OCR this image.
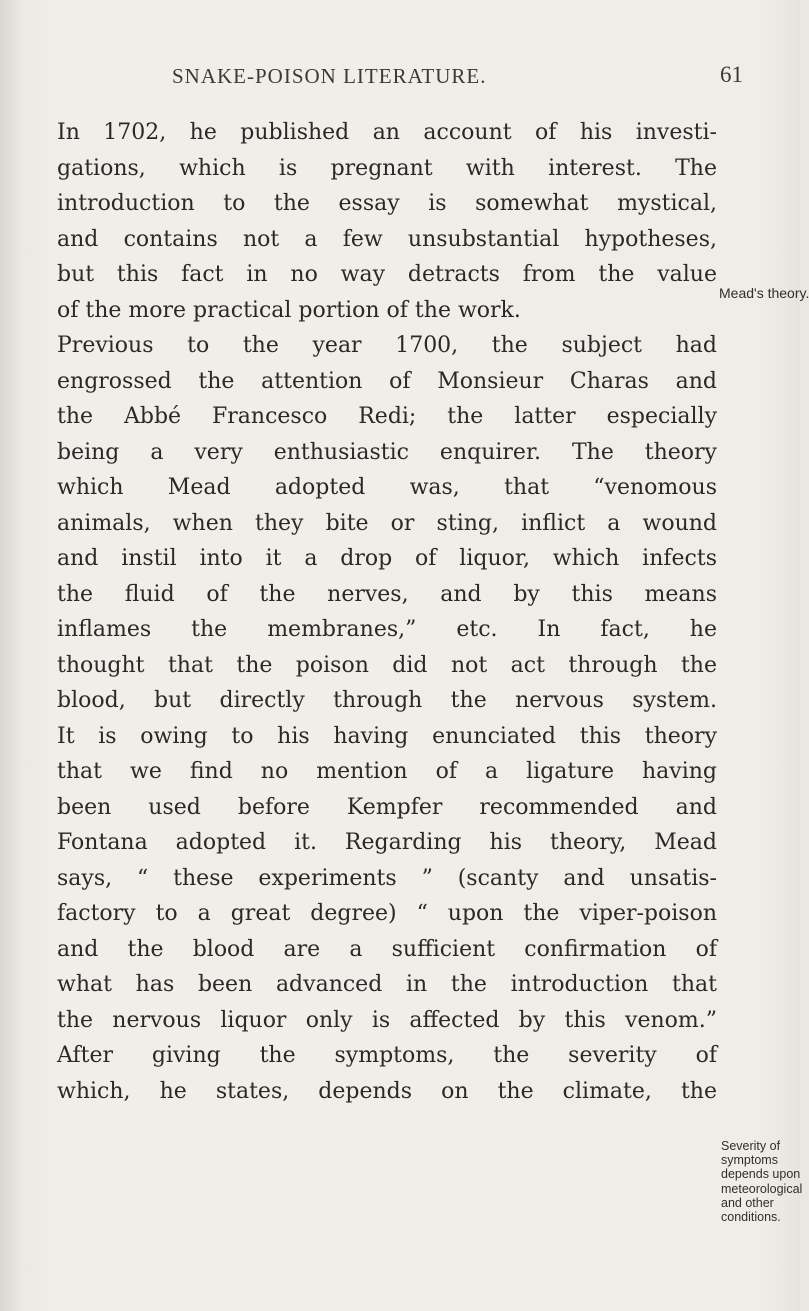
SNAKE-POISON LITERATURE.	61
In 1702, he published an account of his investi-
gations, which is pregnant with interest. The
introduction to the essay is somewhat mystical,
and contains not a few unsubstantial hypotheses,
but this fact in no way detracts from the value
of the more practical portion of the work.
Previous to the year 1700, the subject had
engrossed the attention of Monsieur Charas and
the Abbé Francesco Redi; the latter especially
being a very enthusiastic enquirer. The theory
which Mead adopted was, that “venomous
animals, when they bite or sting, inflict a wound
and instil into it a drop of liquor, which infects
the fluid of the nerves, and by this means
inflames the membranes,” etc. In fact, he
thought that the poison did not act through the
blood, but directly through the nervous system.
It is owing to his having enunciated this theory
that we find no mention of a ligature having
been used before Kempfer recommended and
Fontana adopted it. Regarding his theory, Mead
says, “ these experiments ” (scanty and unsatis-
factory to a great degree) “ upon the viper-poison
and the blood are a sufficient confirmation of
what has been advanced in the introduction that
the nervous liquor only is affected by this venom.”
After giving the symptoms, the severity of
which, he states, depends on the climate, the
Mead's theory.
Severity of
symptoms
depends upon
meteorological
and other
conditions.
